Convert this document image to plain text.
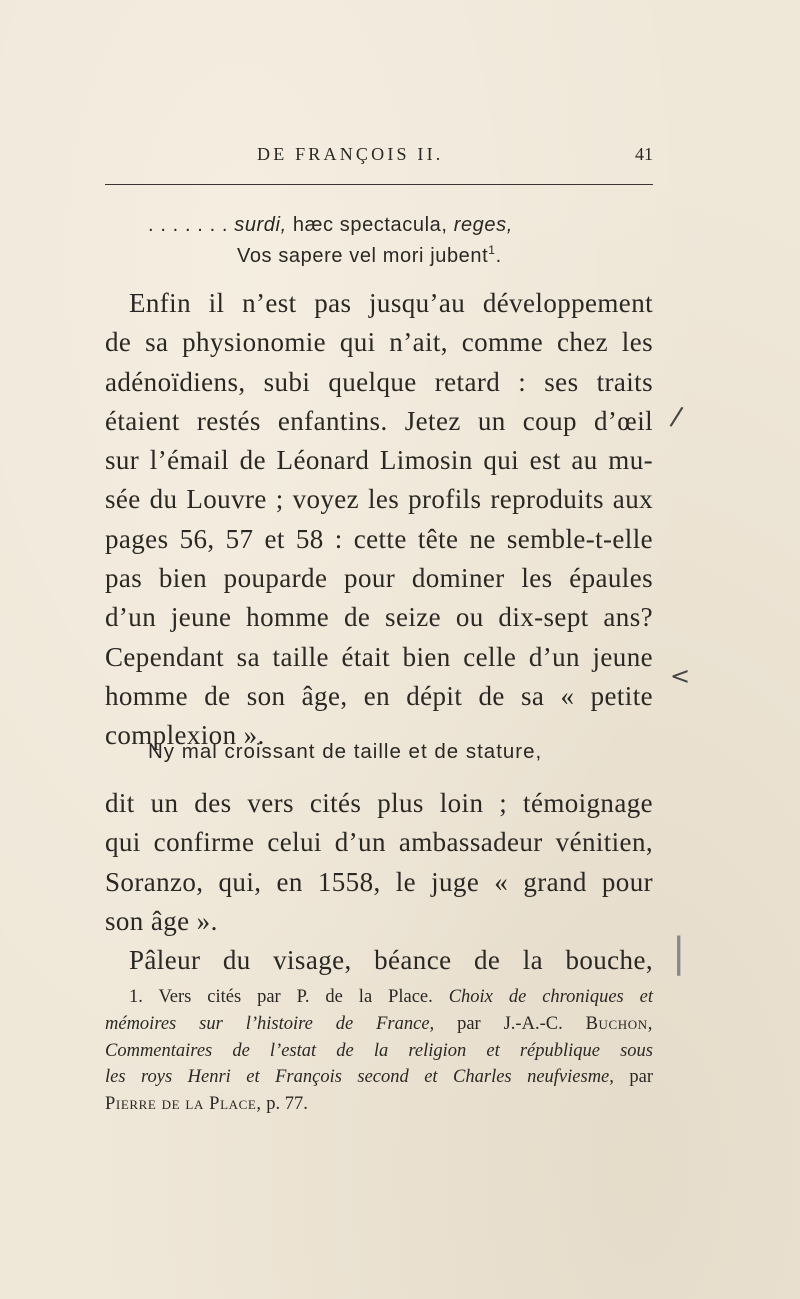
DE FRANÇOIS II.	41
. . . . . . . surdi, hæc spectacula, reges,
Vos sapere vel mori jubent$^1$.
Enfin il n’est pas jusqu’au développement
de sa physionomie qui n’ait, comme chez les
adénoïdiens, subi quelque retard : ses traits
étaient restés enfantins. Jetez un coup d’œil
sur l’émail de Léonard Limosin qui est au mu-
sée du Louvre ; voyez les profils reproduits aux
pages 56, 57 et 58 : cette tête ne semble-t-elle
pas bien pouparde pour dominer les épaules
d’un jeune homme de seize ou dix-sept ans?
Cependant sa taille était bien celle d’un jeune
homme de son âge, en dépit de sa « petite
complexion ».
Ny mal croissant de taille et de stature,
dit un des vers cités plus loin ; témoignage
qui confirme celui d’un ambassadeur vénitien,
Soranzo, qui, en 1558, le juge « grand pour
son âge ».
Pâleur du visage, béance de la bouche,
1. Vers cités par P. de la Place. Choix de chroniques et
mémoires sur l’histoire de France, par J.-A.-C. Buchon,
Commentaires de l’estat de la religion et république sous
les roys Henri et François second et Charles neufviesme, par
Pierre de la Place, p. 77.
/
<
|
